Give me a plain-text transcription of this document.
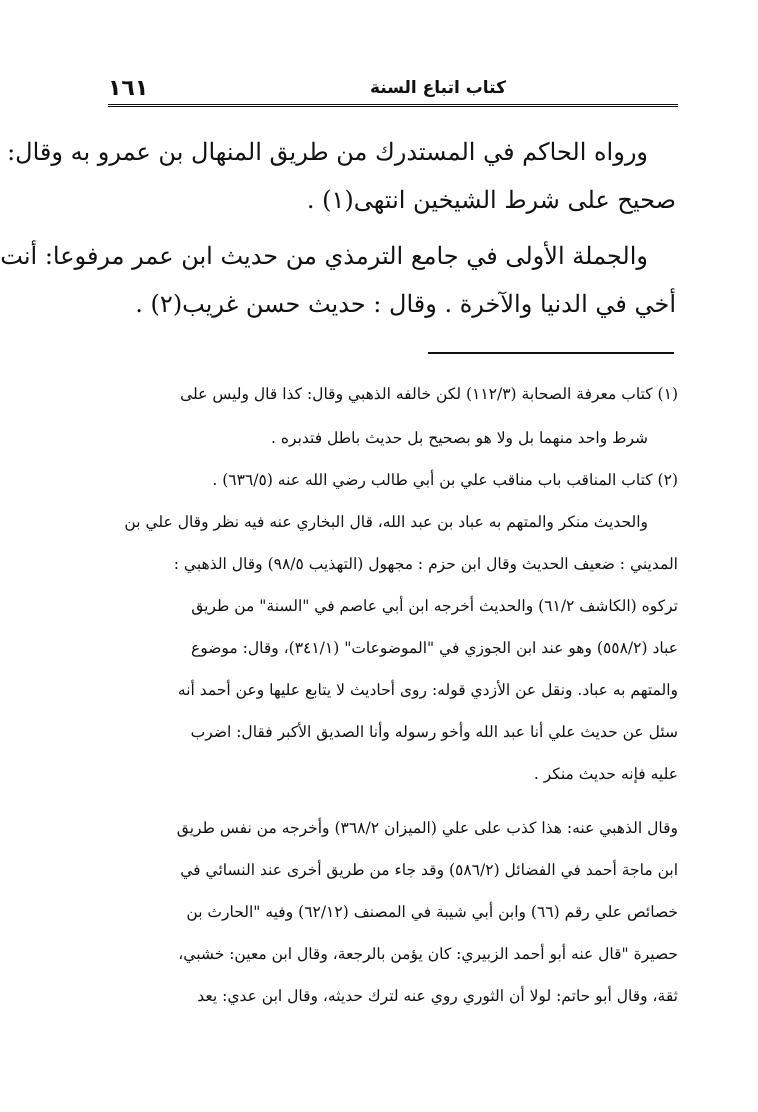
١٦١	كتاب اتباع السنة
ورواه الحاكم في المستدرك من طريق المنهال بن عمرو به وقال:
صحيح على شرط الشيخين انتهى(١) .
والجملة الأولى في جامع الترمذي من حديث ابن عمر مرفوعا: أنت
أخي في الدنيا والآخرة . وقال : حديث حسن غريب(٢) .
(١) كتاب معرفة الصحابة (١١٢/٣) لكن خالفه الذهبي وقال: كذا قال وليس على
شرط واحد منهما بل ولا هو بصحيح بل حديث باطل فتدبره .
(٢) كتاب المناقب باب مناقب علي بن أبي طالب رضي الله عنه (٦٣٦/٥) .
والحديث منكر والمتهم به عباد بن عبد الله، قال البخاري عنه فيه نظر وقال علي بن
المديني : ضعيف الحديث وقال ابن حزم : مجهول (التهذيب ٩٨/٥) وقال الذهبي :
تركوه (الكاشف ٦١/٢) والحديث أخرجه ابن أبي عاصم في "السنة" من طريق
عباد (٥٥٨/٢) وهو عند ابن الجوزي في "الموضوعات" (٣٤١/١)، وقال: موضوع
والمتهم به عباد. ونقل عن الأزدي قوله: روى أحاديث لا يتابع عليها وعن أحمد أنه
سئل عن حديث علي أنا عبد الله وأخو رسوله وأنا الصديق الأكبر فقال: اضرب
عليه فإنه حديث منكر .
وقال الذهبي عنه: هذا كذب على علي (الميزان ٣٦٨/٢) وأخرجه من نفس طريق
ابن ماجة أحمد في الفضائل (٥٨٦/٢) وقد جاء من طريق أخرى عند النسائي في
خصائص علي رقم (٦٦) وابن أبي شيبة في المصنف (٦٢/١٢) وفيه "الحارث بن
حصيرة "قال عنه أبو أحمد الزبيري: كان يؤمن بالرجعة، وقال ابن معين: خشبي،
ثقة، وقال أبو حاتم: لولا أن الثوري روي عنه لترك حديثه، وقال ابن عدي: يعد
